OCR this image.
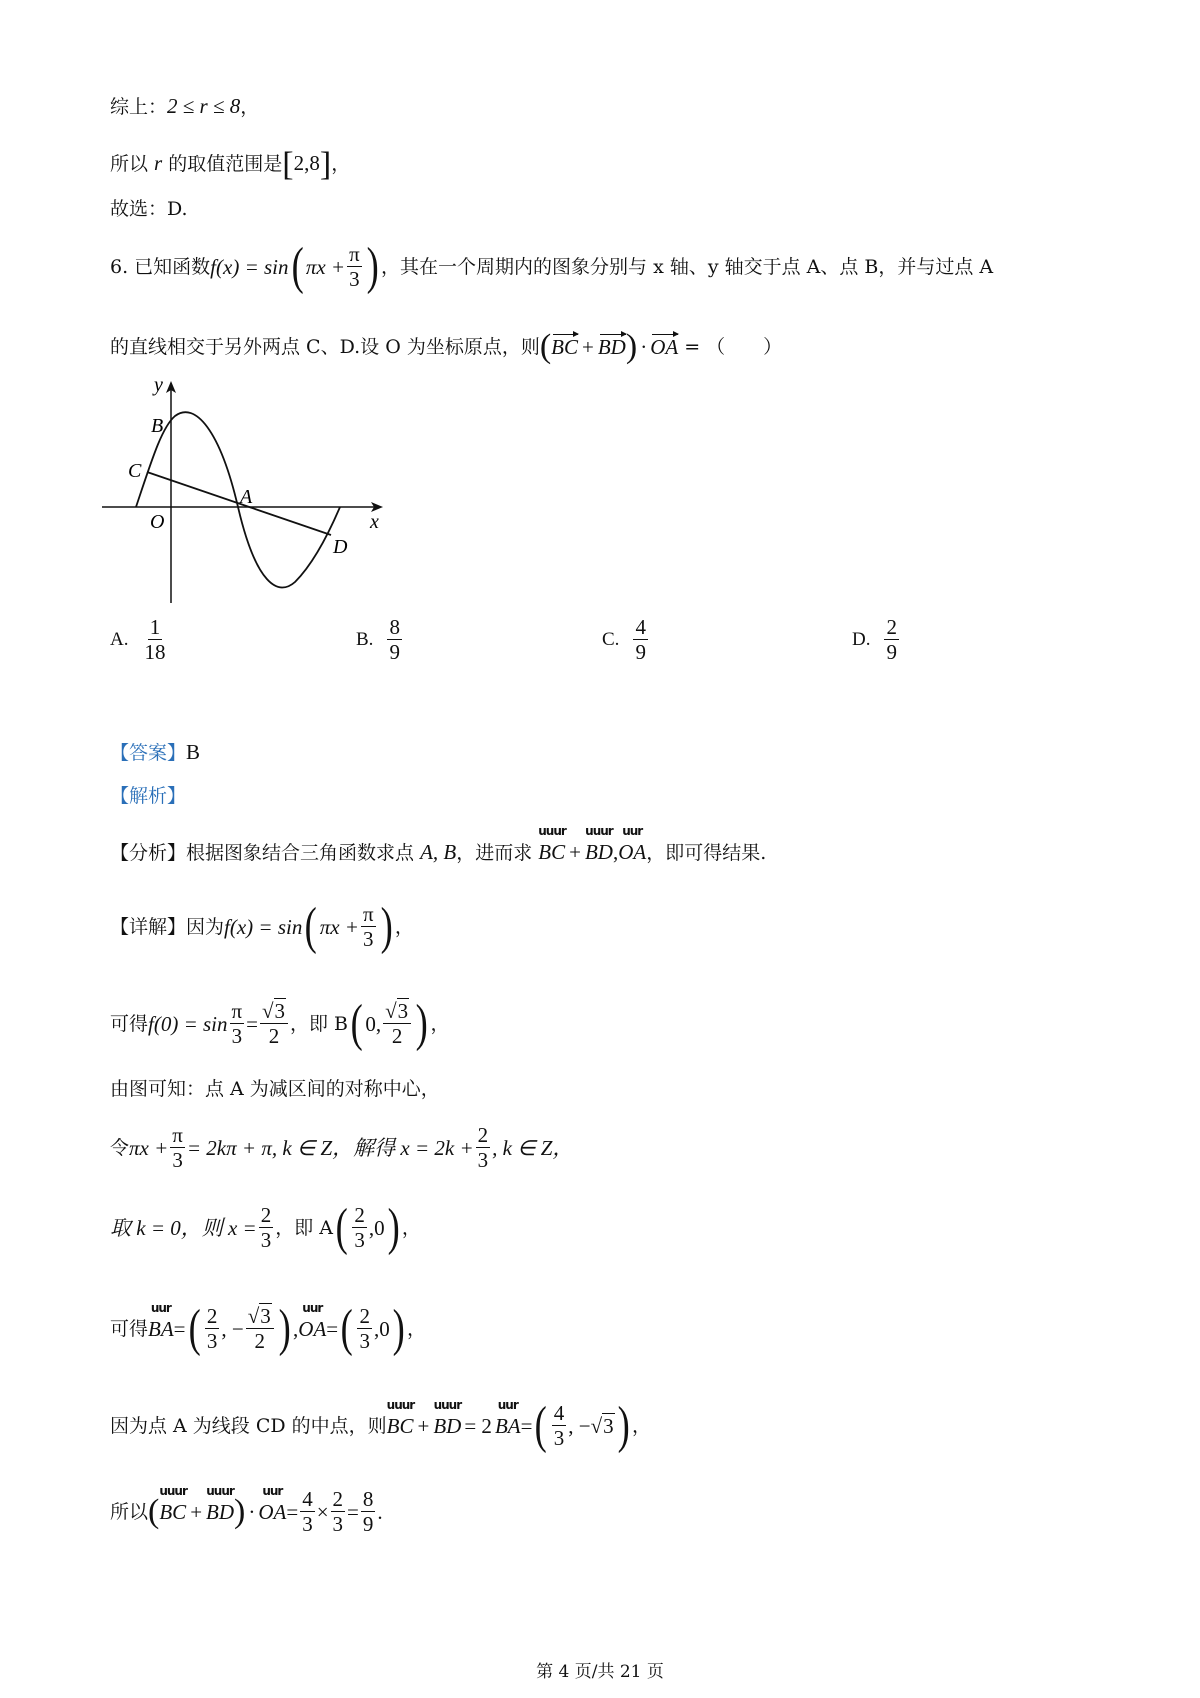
综上：2 ≤ r ≤ 8，
所以 r 的取值范围是[2,8]，
故选：D.
6. 已知函数 f(x) = sin ( $\pi x + \frac{\pi}{3}$ ) ，其在一个周期内的图象分别与 x 轴、y 轴交于点 A、点 B，并与过点 A
的直线相交于另外两点 C、D.设 O 为坐标原点，则 ( BC + BD ) · OA = （　　）
y
x
B
C
A
O
D
A. $\frac{1}{18}$	B. $\frac{8}{9}$	C. $\frac{4}{9}$	D. $\frac{2}{9}$
【答案】B
【解析】
【分析】根据图象结合三角函数求点 A, B，进而求
uuur
BC +
uuur
BD,
uur
OA，即可得结果.
【详解】 因为 f(x) = sin ( $\pi x + \frac{\pi}{3}$ ) ，
可得 $f(0) = \sin \frac{\pi}{3} = \frac{√3}{2}$ ，即 B ( 0, $\frac{√3}{2}$ ) ，
由图可知：点 A 为减区间的对称中心，
令 $\pi x + \frac{\pi}{3} = 2k\pi + \pi$, k ∈ Z ，解得 $x = 2k + \frac{2}{3}$ , k ∈ Z，
取 k = 0，则 $x = \frac{2}{3}$ ，即 A ( $\frac{2}{3} ,0$ ) ，
可得
uur
BA = ( $\frac{2}{3}$ , − $\frac{√3}{2}$ ) ,
uur
OA = ( $\frac{2}{3} ,0$ ) ，
因为点 A 为线段 CD 的中点，则
uuur
BC +
uuur
BD = 2
uur
BA = ( $\frac{4}{3}$ , − √3 ) ，
所以 (
uuur
BC +
uuur
BD ) ·
uur
OA = $\frac{4}{3} \times \frac{2}{3} = \frac{8}{9}$ .
第 4 页/共 21 页
